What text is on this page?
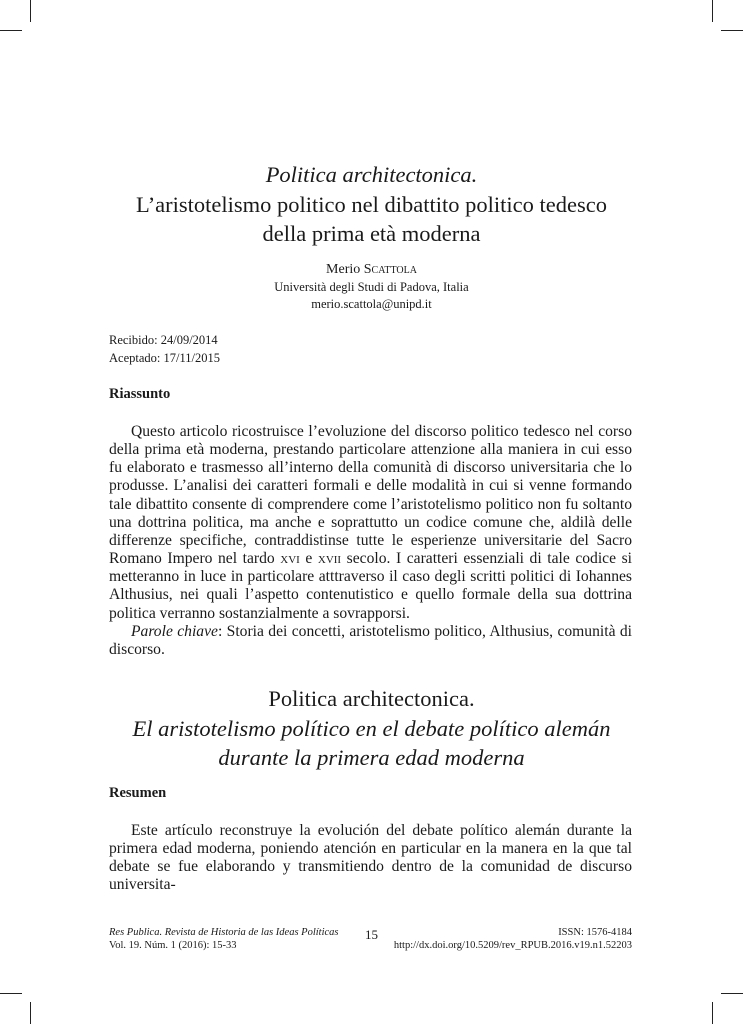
Politica architectonica.
L’aristotelismo politico nel dibattito politico tedesco
della prima età moderna
Merio Scattola
Università degli Studi di Padova, Italia
merio.scattola@unipd.it
Recibido: 24/09/2014
Aceptado: 17/11/2015
Riassunto

Questo articolo ricostruisce l’evoluzione del discorso politico tedesco nel corso della prima età moderna, prestando particolare attenzione alla maniera in cui esso fu elaborato e trasmesso all’interno della comunità di discorso universitaria che lo produsse. L’analisi dei caratteri formali e delle modalità in cui si venne formando tale dibattito consente di comprendere come l’aristotelismo politico non fu soltanto una dottrina politica, ma anche e soprattutto un codice comune che, aldilà delle differenze specifiche, contraddistinse tutte le esperienze universitarie del Sacro Romano Impero nel tardo xvi e xvii secolo. I caratteri essenziali di tale codice si metteranno in luce in particolare atttraverso il caso degli scritti politici di Iohannes Althusius, nei quali l’aspetto contenutistico e quello formale della sua dottrina politica verranno sostanzialmente a sovrapporsi.

Parole chiave: Storia dei concetti, aristotelismo politico, Althusius, comunità di discorso.

Politica architectonica.
El aristotelismo político en el debate político alemán
durante la primera edad moderna
Resumen

Este artículo reconstruye la evolución del debate político alemán durante la primera edad moderna, poniendo atención en particular en la manera en la que tal debate se fue elaborando y transmitiendo dentro de la comunidad de discurso universita-

Res Publica. Revista de Historia de las Ideas Políticas
Vol. 19. Núm. 1 (2016): 15-33
15	ISSN: 1576-4184
http://dx.doi.org/10.5209/rev_RPUB.2016.v19.n1.52203
